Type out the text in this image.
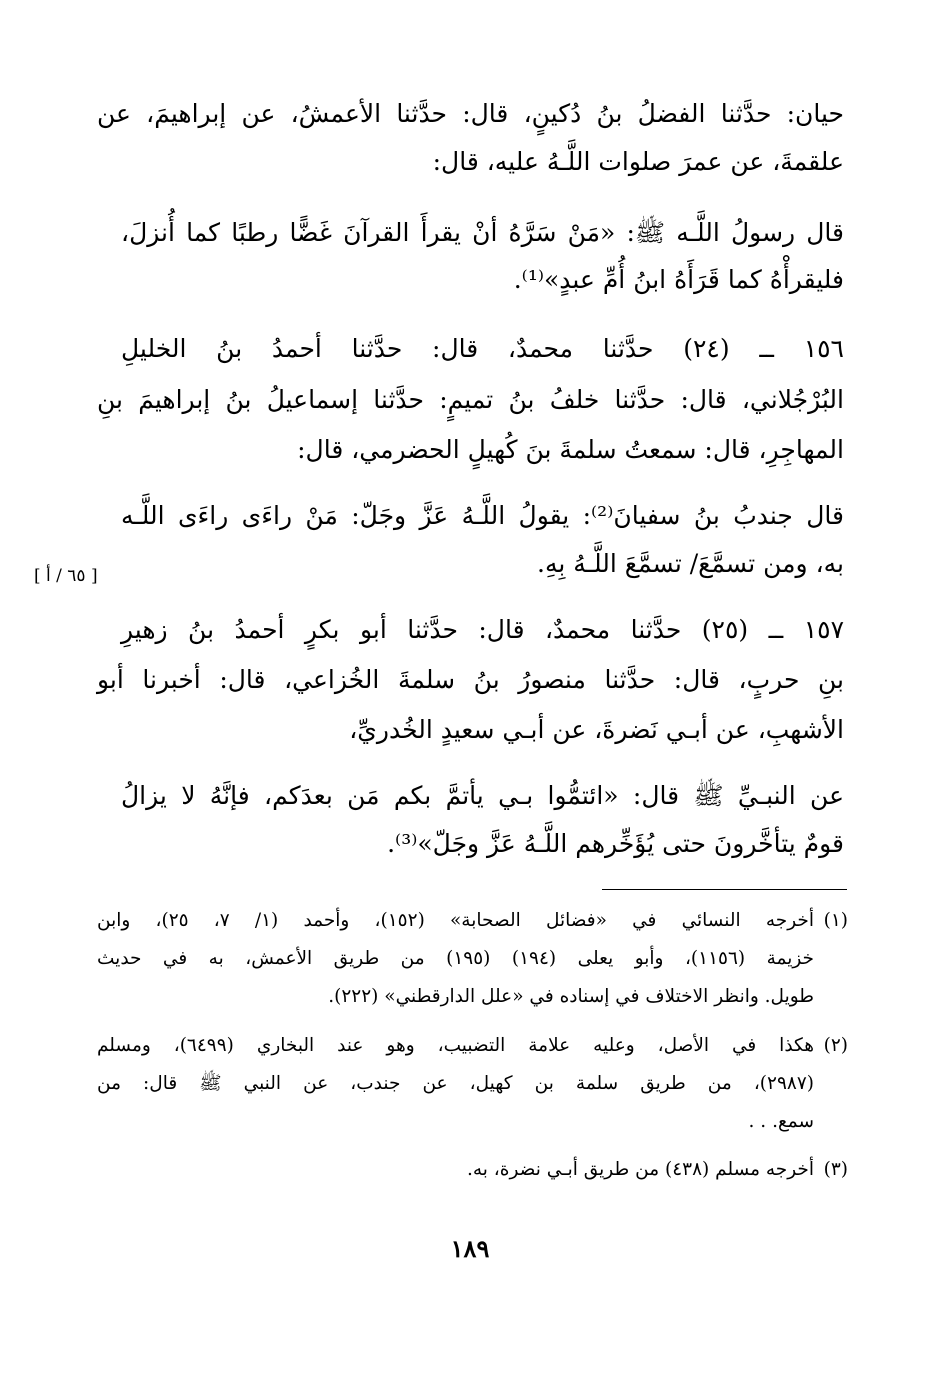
حيان: حدَّثنا الفضلُ بنُ دُكينٍ، قال: حدَّثنا الأعمشُ، عن إبراهيمَ، عن
علقمةَ، عن عمرَ صلوات اللَّـهُ عليه، قال:
قال رسولُ اللَّـه ﷺ: «مَنْ سَرَّهُ أنْ يقرأَ القرآنَ غَضًّا رطبًا كما أُنزلَ،
فليقرأْهُ كما قَرَأَهُ ابنُ أُمِّ عبدٍ»⁽¹⁾.
١٥٦ ــ (٢٤) حدَّثنا محمدٌ، قال: حدَّثنا أحمدُ بنُ الخليلِ
البُرْجُلاني، قال: حدَّثنا خلفُ بنُ تميمٍ: حدَّثنا إسماعيلُ بنُ إبراهيمَ بنِ
المهاجِرِ، قال: سمعتُ سلمةَ بنَ كُهيلٍ الحضرمي، قال:
قال جندبُ بنُ سفيانَ⁽²⁾: يقولُ اللَّـهُ عَزَّ وجَلّ: مَنْ راءَى راءَى اللَّـه
به، ومن تسمَّعَ/ تسمَّعَ اللَّـهُ بِهِ.
[ ٦٥ / أ ]
١٥٧ ــ (٢٥) حدَّثنا محمدٌ، قال: حدَّثنا أبو بكرٍ أحمدُ بنُ زهيرِ
بنِ حربٍ، قال: حدَّثنا منصورُ بنُ سلمةَ الخُزاعي، قال: أخبرنا أبو
الأشهبِ، عن أبـي نَضرةَ، عن أبـي سعيدٍ الخُدريِّ،
عن النبـيِّ ﷺ قال: «ائتمُّوا بـي يأتمَّ بكم مَن بعدَكم، فإنَّهُ لا يزالُ
قومٌ يتأخَّرونَ حتى يُؤَخِّرهم اللَّـهُ عَزَّ وجَلّ»⁽³⁾.
(١)
أخرجه النسائي في «فضائل الصحابة» (١٥٢)، وأحمد (١/ ٧، ٢٥)، وابن
خزيمة (١١٥٦)، وأبو يعلى (١٩٤) (١٩٥) من طريق الأعمش، به في حديث
طويل. وانظر الاختلاف في إسناده في «علل الدارقطني» (٢٢٢).
(٢)
هكذا في الأصل، وعليه علامة التضبيب، وهو عند البخاري (٦٤٩٩)، ومسلم
(٢٩٨٧)، من طريق سلمة بن كهيل، عن جندب، عن النبي ﷺ قال: من
سمع. . .
(٣)
أخرجه مسلم (٤٣٨) من طريق أبـي نضرة، به.
١٨٩
